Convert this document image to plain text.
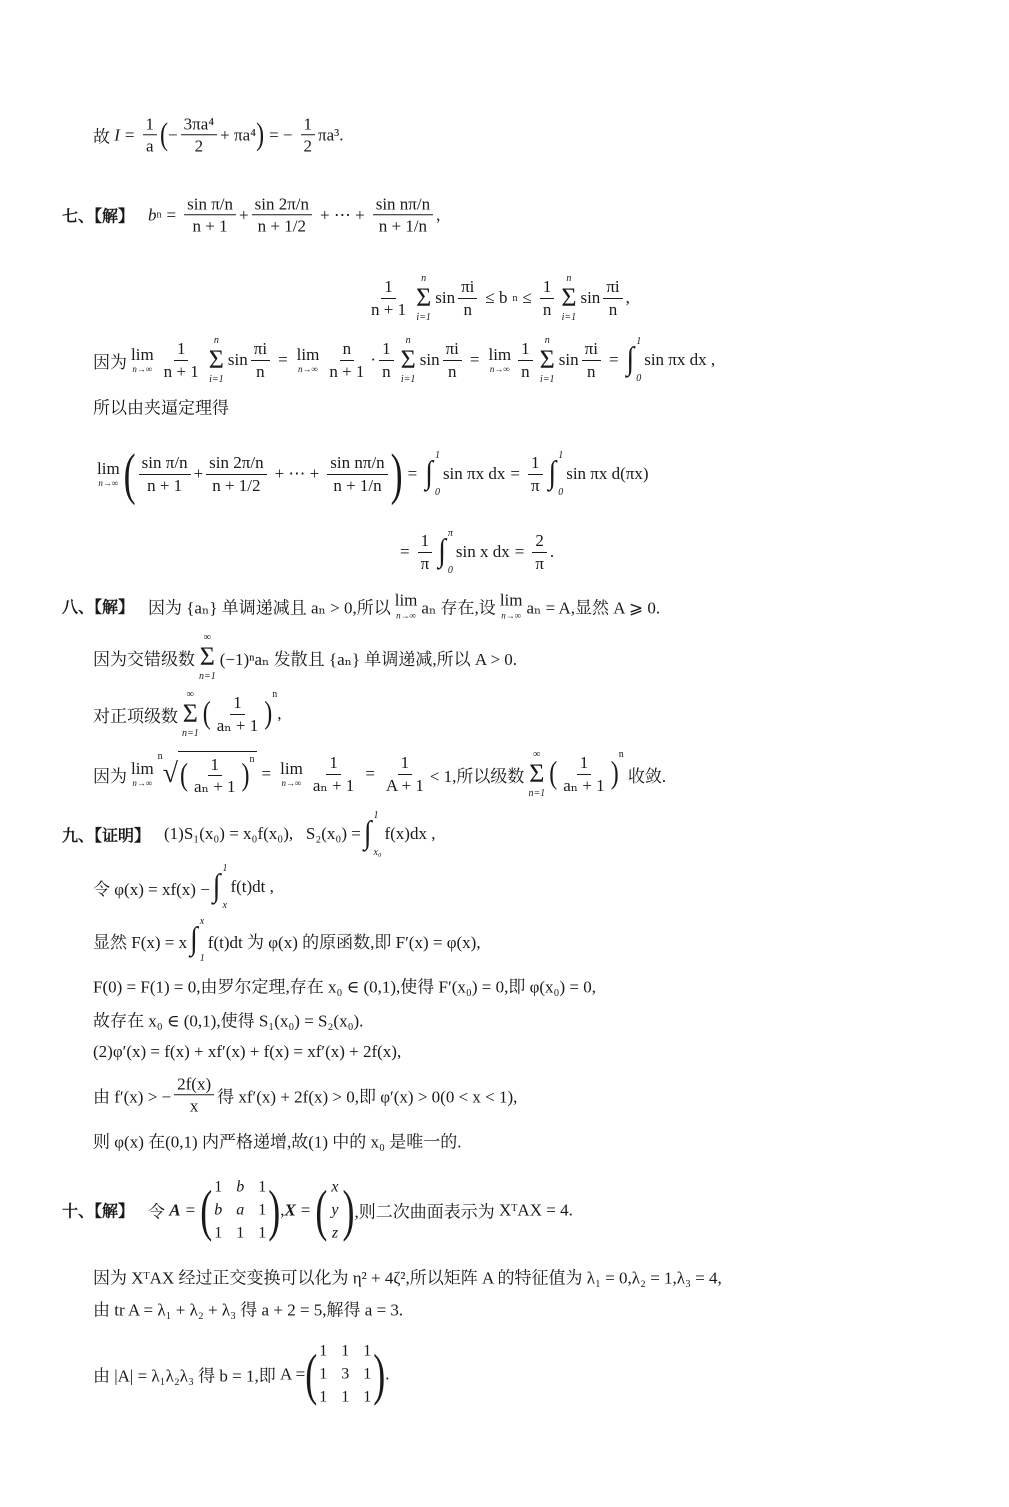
故
$I = \frac{1}{a}$ ( − $\frac{\text{3πa⁴}}{2} + \pi a^4$ ) = − $\frac{1}{2} \pi a^3$.
七、【解】 b $n = \frac{\text{sin π/n}}{n + 1} + \frac{\sin 2\pi/n}{n + 1/2}$ + ⋯ + $\frac{\text{sin nπ/n}}{n + 1/n}$ ,
$\frac{1}{n + 1}$ n
Σ
i=1
$\sin \frac{\pi i}{n} \le b$ $n \le \frac{1}{n}$ n
Σ
i=1
$\sin \frac{\pi i}{n}$ ,
因为 lim
$n\to\infty \frac{1}{n + 1}$ n
Σ
i=1
$\sin \frac{\pi i}{n} = \lim$
$n\to\infty \frac{n}{n + 1} \cdot \frac{1}{n}$ n
Σ
i=1
$\sin \frac{\pi i}{n} = \lim$
$n\to\infty \frac{1}{n}$ n
Σ
i=1
$\sin \frac{\pi i}{n}$ = ∫
1
0
sin πx dx ,
所以由夹逼定理得
lim
n→∞ ( $\frac{\text{sin π/n}}{n + 1} + \frac{\sin 2\pi/n}{n + 1/2}$ + ⋯ + $\frac{\text{sin nπ/n}}{n + 1/n}$ ) = ∫
1
0
sin πx dx = $\frac{1}{\pi}$ ∫
1
0
sin πx d(πx)
= $\frac{1}{\pi}$ ∫
π
0
sin x dx = $\frac{2}{\pi}$ .
八、【解】 因为 {aₙ} 单调递减且 aₙ > 0,所以 lim
n→∞ aₙ 存在,设 lim
n→∞ aₙ = A,显然 A ⩾ 0.
因为交错级数
∞
Σ
n=1
(−1)ⁿaₙ 发散且 {aₙ} 单调递减,所以 A > 0.
对正项级数
∞
Σ
n=1
( $\frac{1}{\text{aₙ + 1}}$ )
$^n$
,
因为 lim
n→∞
n
√ ( $\frac{1}{\text{aₙ + 1}} )^n$
= lim
$n\to\infty \frac{1}{\text{aₙ + 1}} = \frac{1}{A + 1} < 1$,所以级数
∞
Σ
n=1
( $\frac{1}{\text{aₙ + 1}}$ )
$^n$

收敛.
九、【证明】 (1)S₁(x₀) = x₀f(x₀),   S₂(x₀) = ∫
1
x₀
f(x)dx ,
令 φ(x) = xf(x) − ∫
1
x
f(t)dt ,
显然 F(x) = x ∫
x
1
f(t)dt 为 φ(x) 的原函数,即 F′(x) = φ(x),
F(0) = F(1) = 0,由罗尔定理,存在 x₀ ∈ (0,1),使得 F′(x₀) = 0,即 φ(x₀) = 0,
故存在 x₀ ∈ (0,1),使得 S₁(x₀) = S₂(x₀).
(2)φ′(x) = f(x) + xf′(x) + f(x) = xf′(x) + 2f(x),
由 f′(x) > − $\frac{2f(x)}{x}$ 得 xf′(x) + 2f(x) > 0,即 φ′(x) > 0(0 < x < 1),
则 φ(x) 在(0,1) 内严格递增,故(1) 中的 x₀ 是唯一的.
十、【解】 令
A = ( 1 b 1
b a 1
1 1 1 ) , X = ( x
y
z ) ,则二次曲面表示为
XᵀAX = 4.
因为 XᵀAX 经过正交变换可以化为 η² + 4ζ²,所以矩阵 A 的特征值为 λ₁ = 0,λ₂ = 1,λ₃ = 4,
由 tr A = λ₁ + λ₂ + λ₃ 得 a + 2 = 5,解得 a = 3.
由 |A| = λ₁λ₂λ₃ 得 b = 1,即
A = ( 1 1 1
1 3 1
1 1 1 ) .
